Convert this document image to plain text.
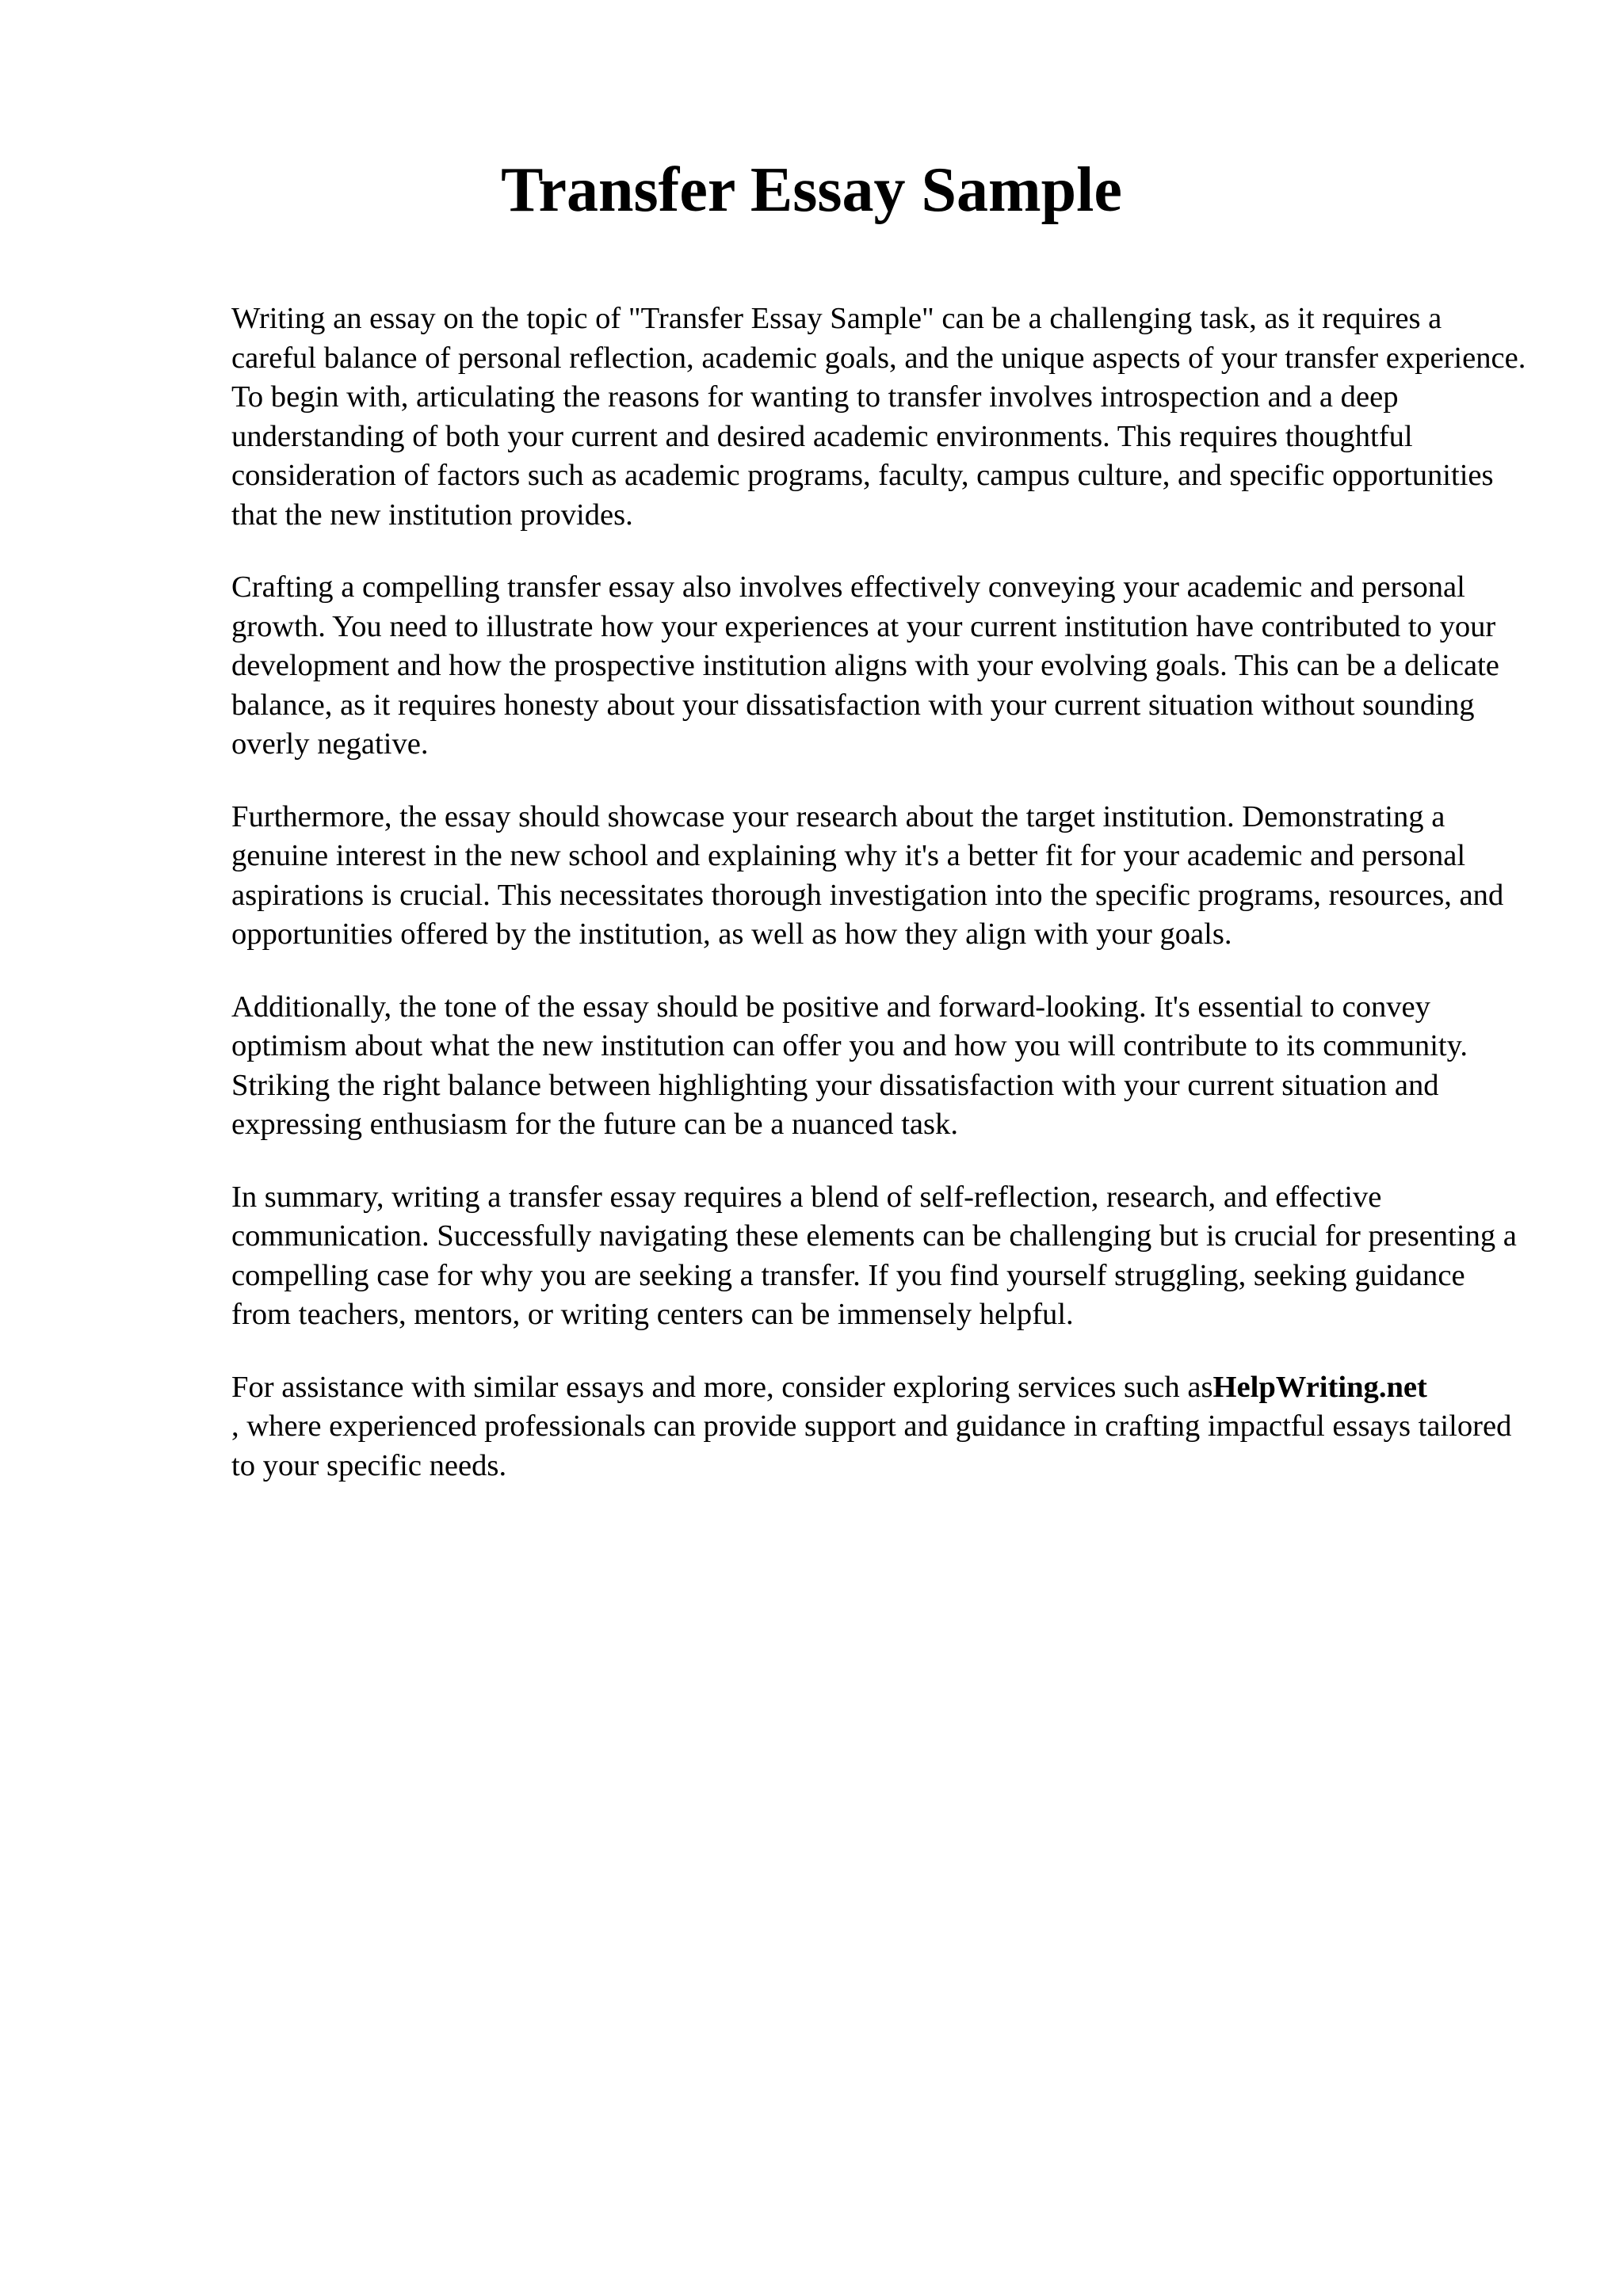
Transfer Essay Sample

Writing an essay on the topic of "Transfer Essay Sample" can be a challenging task, as it requires a careful balance of personal reflection, academic goals, and the unique aspects of your transfer experience. To begin with, articulating the reasons for wanting to transfer involves introspection and a deep understanding of both your current and desired academic environments. This requires thoughtful consideration of factors such as academic programs, faculty, campus culture, and specific opportunities that the new institution provides.

Crafting a compelling transfer essay also involves effectively conveying your academic and personal growth. You need to illustrate how your experiences at your current institution have contributed to your development and how the prospective institution aligns with your evolving goals. This can be a delicate balance, as it requires honesty about your dissatisfaction with your current situation without sounding overly negative.

Furthermore, the essay should showcase your research about the target institution. Demonstrating a genuine interest in the new school and explaining why it's a better fit for your academic and personal aspirations is crucial. This necessitates thorough investigation into the specific programs, resources, and opportunities offered by the institution, as well as how they align with your goals.

Additionally, the tone of the essay should be positive and forward-looking. It's essential to convey optimism about what the new institution can offer you and how you will contribute to its community. Striking the right balance between highlighting your dissatisfaction with your current situation and expressing enthusiasm for the future can be a nuanced task.

In summary, writing a transfer essay requires a blend of self-reflection, research, and effective communication. Successfully navigating these elements can be challenging but is crucial for presenting a compelling case for why you are seeking a transfer. If you find yourself struggling, seeking guidance from teachers, mentors, or writing centers can be immensely helpful.

For assistance with similar essays and more, consider exploring services such asHelpWriting.net
, where experienced professionals can provide support and guidance in crafting impactful essays tailored to your specific needs.
